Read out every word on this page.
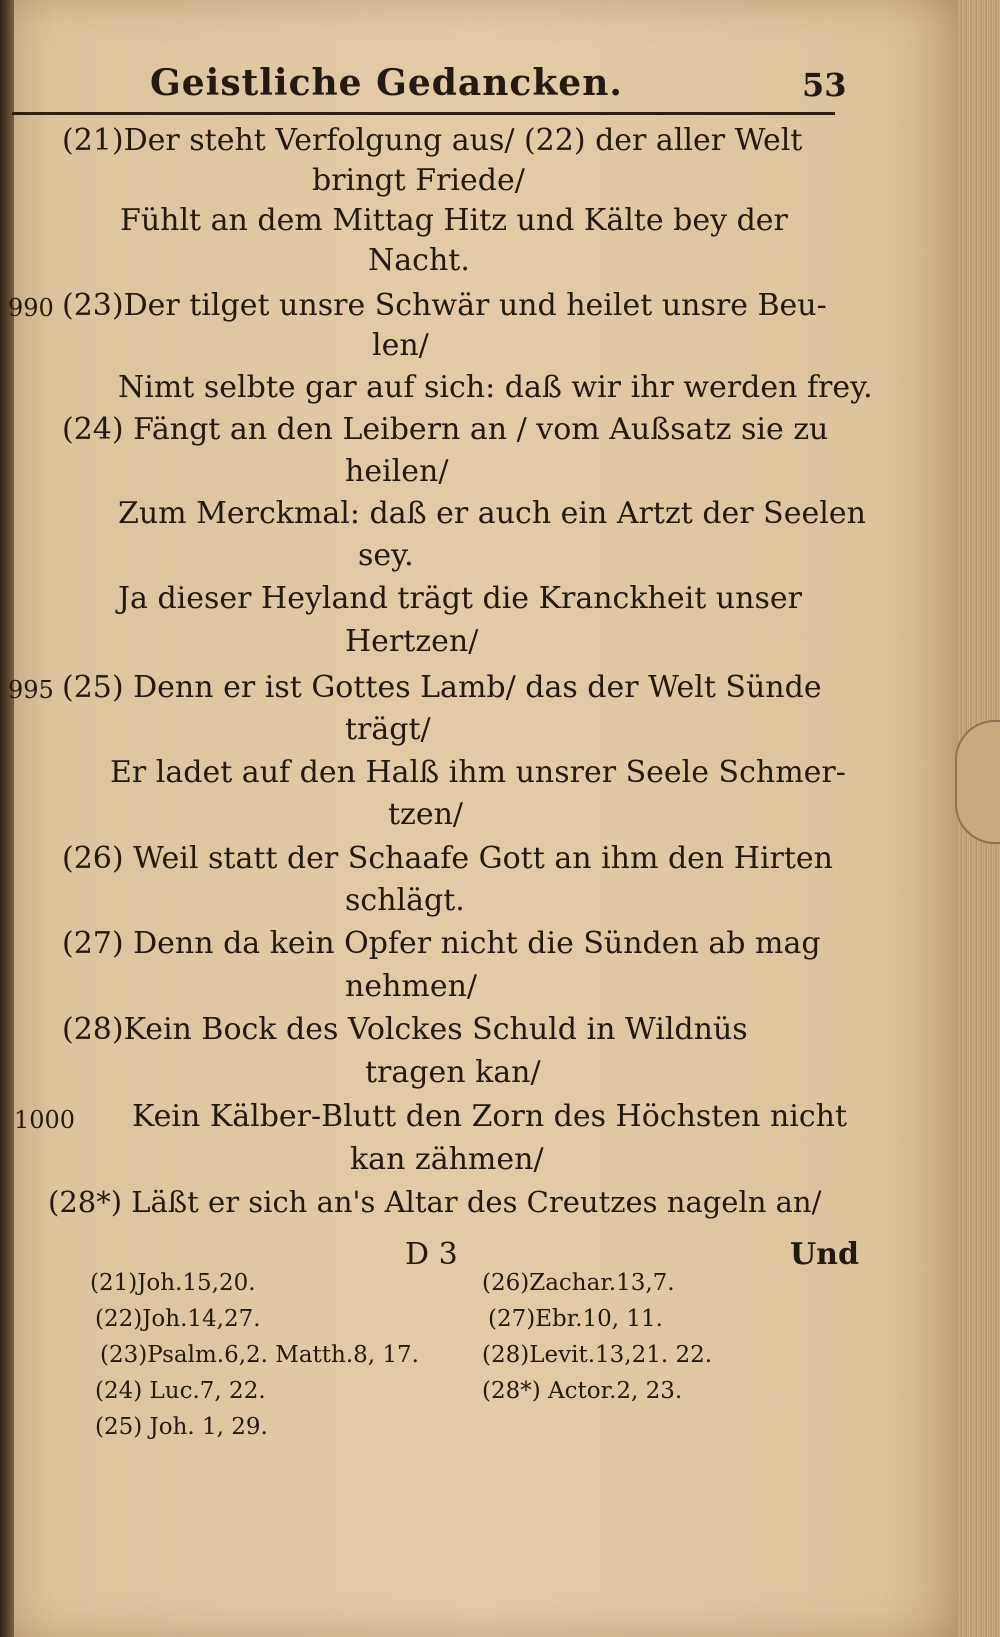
Geistliche Gedancken.	53
(21)Der steht Verfolgung aus/ (22) der aller Welt
bringt Friede/
Fühlt an dem Mittag Hitz und Kälte bey der
Nacht.
990 (23)Der tilget unsre Schwär und heilet unsre Beu-
len/
Nimt selbte gar auf sich: daß wir ihr werden frey.
(24) Fängt an den Leibern an / vom Außsatz sie zu
heilen/
Zum Merckmal: daß er auch ein Artzt der Seelen
sey.
Ja dieser Heyland trägt die Kranckheit unser
Hertzen/
995 (25) Denn er ist Gottes Lamb/ das der Welt Sünde
trägt/
Er ladet auf den Halß ihm unsrer Seele Schmer-
tzen/
(26) Weil statt der Schaafe Gott an ihm den Hirten
schlägt.
(27) Denn da kein Opfer nicht die Sünden ab mag
nehmen/
(28)Kein Bock des Volckes Schuld in Wildnüs
tragen kan/
1000 Kein Kälber-Blutt den Zorn des Höchsten nicht
kan zähmen/
(28*) Läßt er sich an's Altar des Creutzes nageln an/
D 3	Und
(21)Joh.15,20.
(22)Joh.14,27.
(23)Psalm.6,2. Matth.8, 17.
(24) Luc.7, 22.
(25) Joh. 1, 29.
(26)Zachar.13,7.
(27)Ebr.10, 11.
(28)Levit.13,21. 22.
(28*) Actor.2, 23.
